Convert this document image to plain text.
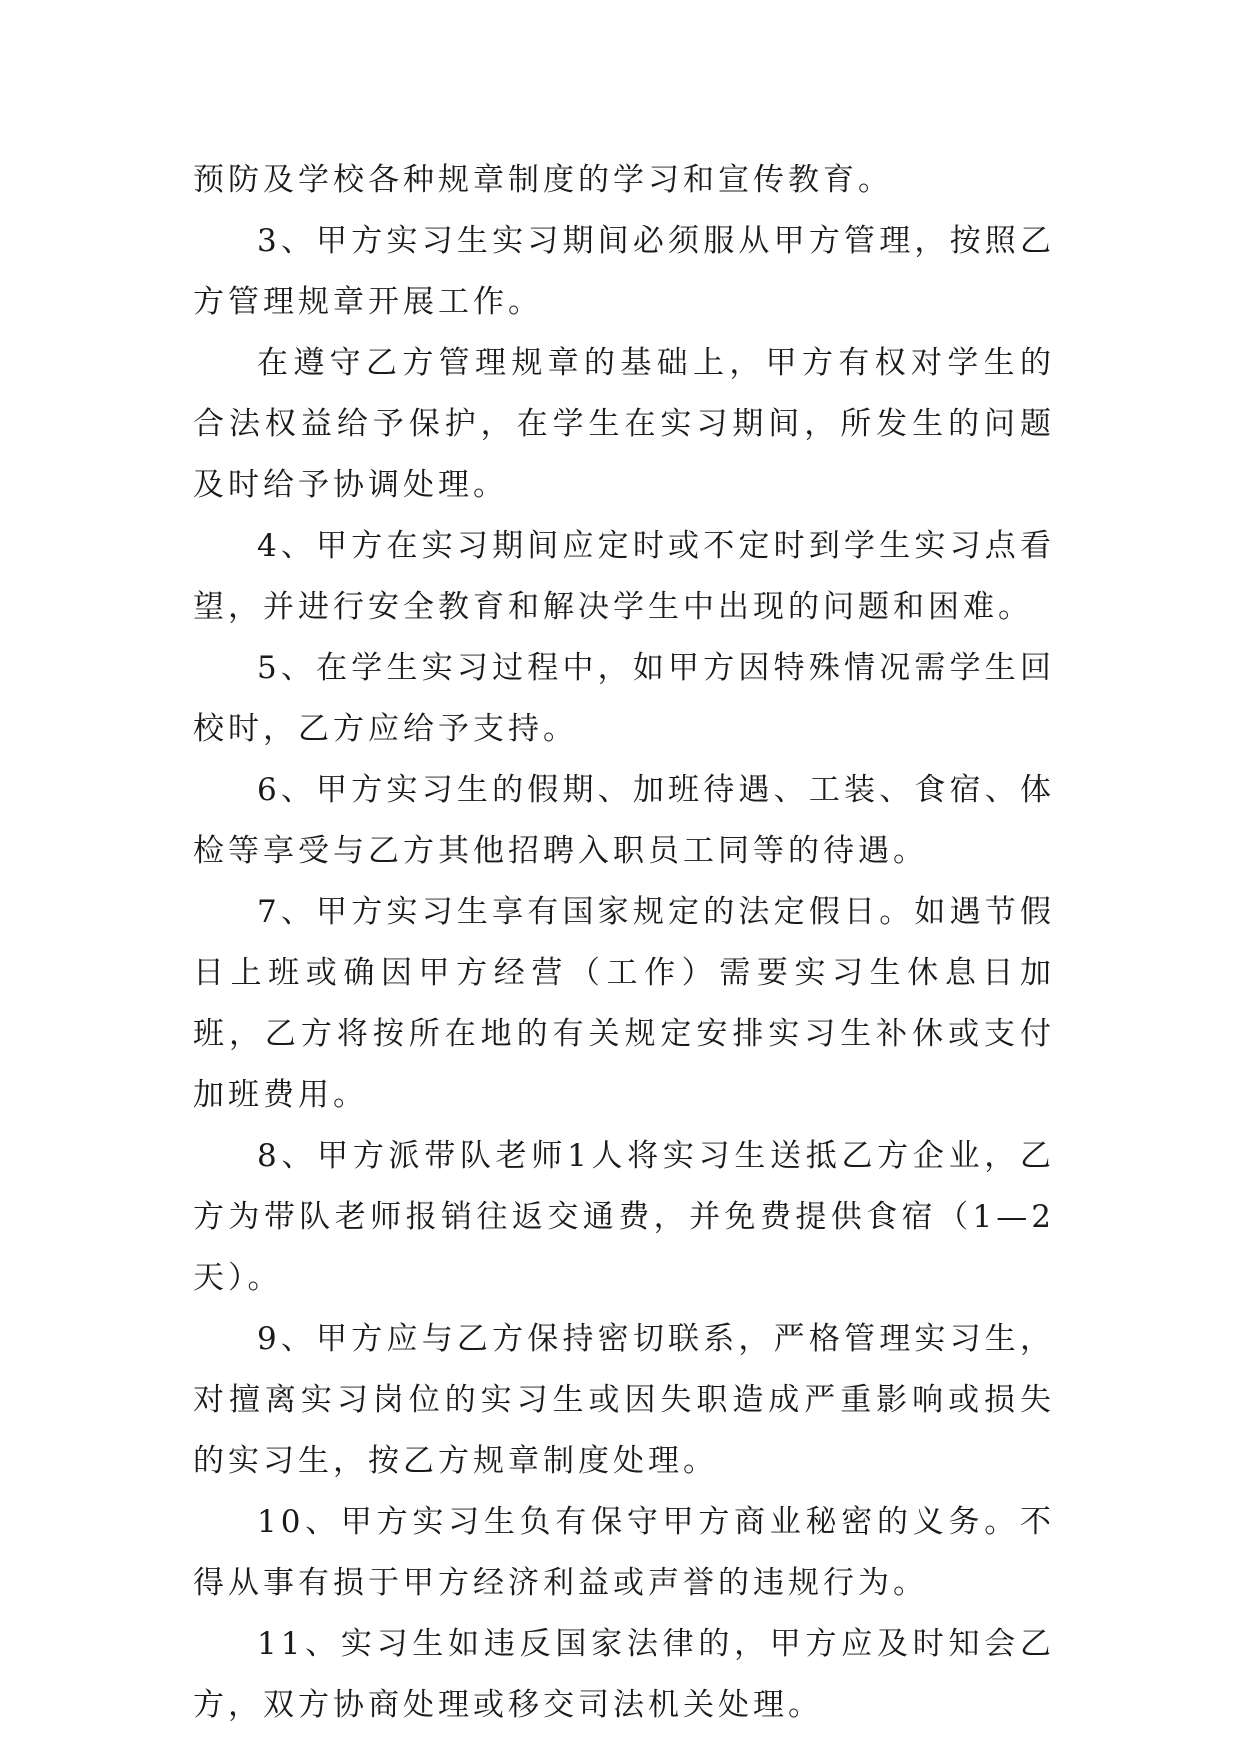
预防及学校各种规章制度的学习和宣传教育。

3、甲方实习生实习期间必须服从甲方管理，按照乙方管理规章开展工作。

在遵守乙方管理规章的基础上，甲方有权对学生的合法权益给予保护，在学生在实习期间，所发生的问题及时给予协调处理。

4、甲方在实习期间应定时或不定时到学生实习点看望，并进行安全教育和解决学生中出现的问题和困难。

5、在学生实习过程中，如甲方因特殊情况需学生回校时，乙方应给予支持。

6、甲方实习生的假期、加班待遇、工装、食宿、体检等享受与乙方其他招聘入职员工同等的待遇。

7、甲方实习生享有国家规定的法定假日。如遇节假日上班或确因甲方经营（工作）需要实习生休息日加班，乙方将按所在地的有关规定安排实习生补休或支付加班费用。

8、甲方派带队老师1人将实习生送抵乙方企业，乙方为带队老师报销往返交通费，并免费提供食宿（1—2天）。

9、甲方应与乙方保持密切联系，严格管理实习生，对擅离实习岗位的实习生或因失职造成严重影响或损失的实习生，按乙方规章制度处理。

10、甲方实习生负有保守甲方商业秘密的义务。不得从事有损于甲方经济利益或声誉的违规行为。

11、实习生如违反国家法律的，甲方应及时知会乙方，双方协商处理或移交司法机关处理。
